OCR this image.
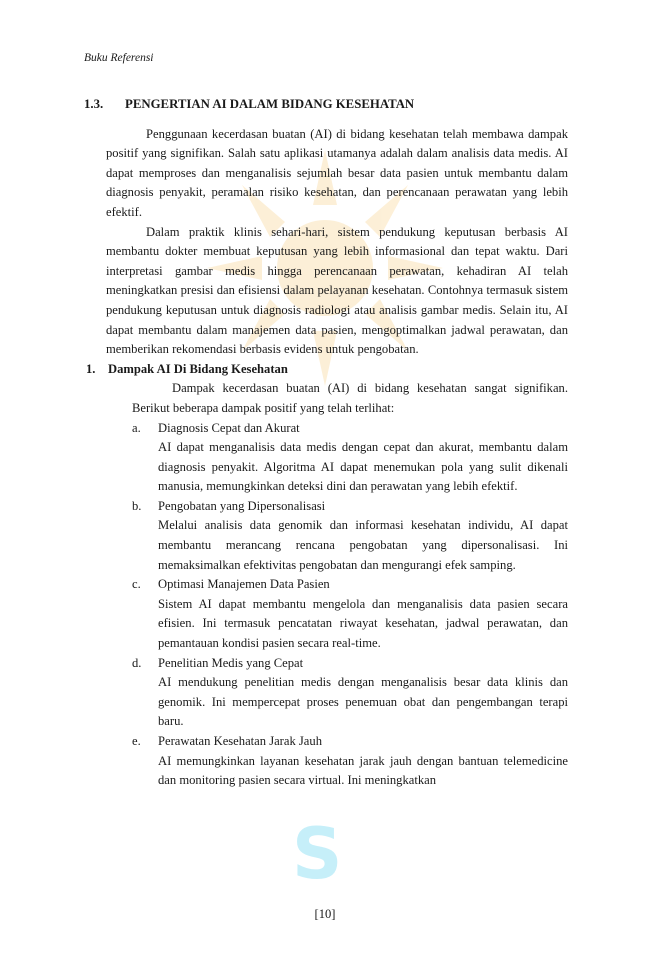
S
Buku Referensi
1.3.	PENGERTIAN AI DALAM BIDANG KESEHATAN

Penggunaan kecerdasan buatan (AI) di bidang kesehatan telah membawa dampak positif yang signifikan. Salah satu aplikasi utamanya adalah dalam analisis data medis. AI dapat memproses dan menganalisis sejumlah besar data pasien untuk membantu dalam diagnosis penyakit, peramalan risiko kesehatan, dan perencanaan perawatan yang lebih efektif.

Dalam praktik klinis sehari-hari, sistem pendukung keputusan berbasis AI membantu dokter membuat keputusan yang lebih informasional dan tepat waktu. Dari interpretasi gambar medis hingga perencanaan perawatan, kehadiran AI telah meningkatkan presisi dan efisiensi dalam pelayanan kesehatan. Contohnya termasuk sistem pendukung keputusan untuk diagnosis radiologi atau analisis gambar medis. Selain itu, AI dapat membantu dalam manajemen data pasien, mengoptimalkan jadwal perawatan, dan memberikan rekomendasi berbasis evidens untuk pengobatan.

1. Dampak AI Di Bidang Kesehatan

Dampak kecerdasan buatan (AI) di bidang kesehatan sangat signifikan. Berikut beberapa dampak positif yang telah terlihat:

a.	Diagnosis Cepat dan Akurat

AI dapat menganalisis data medis dengan cepat dan akurat, membantu dalam diagnosis penyakit. Algoritma AI dapat menemukan pola yang sulit dikenali manusia, memungkinkan deteksi dini dan perawatan yang lebih efektif.

b.	Pengobatan yang Dipersonalisasi

Melalui analisis data genomik dan informasi kesehatan individu, AI dapat membantu merancang rencana pengobatan yang dipersonalisasi. Ini memaksimalkan efektivitas pengobatan dan mengurangi efek samping.

c.	Optimasi Manajemen Data Pasien

Sistem AI dapat membantu mengelola dan menganalisis data pasien secara efisien. Ini termasuk pencatatan riwayat kesehatan, jadwal perawatan, dan pemantauan kondisi pasien secara real-time.

d.	Penelitian Medis yang Cepat

AI mendukung penelitian medis dengan menganalisis besar data klinis dan genomik. Ini mempercepat proses penemuan obat dan pengembangan terapi baru.

e.	Perawatan Kesehatan Jarak Jauh

AI memungkinkan layanan kesehatan jarak jauh dengan bantuan telemedicine dan monitoring pasien secara virtual. Ini meningkatkan

[10]
